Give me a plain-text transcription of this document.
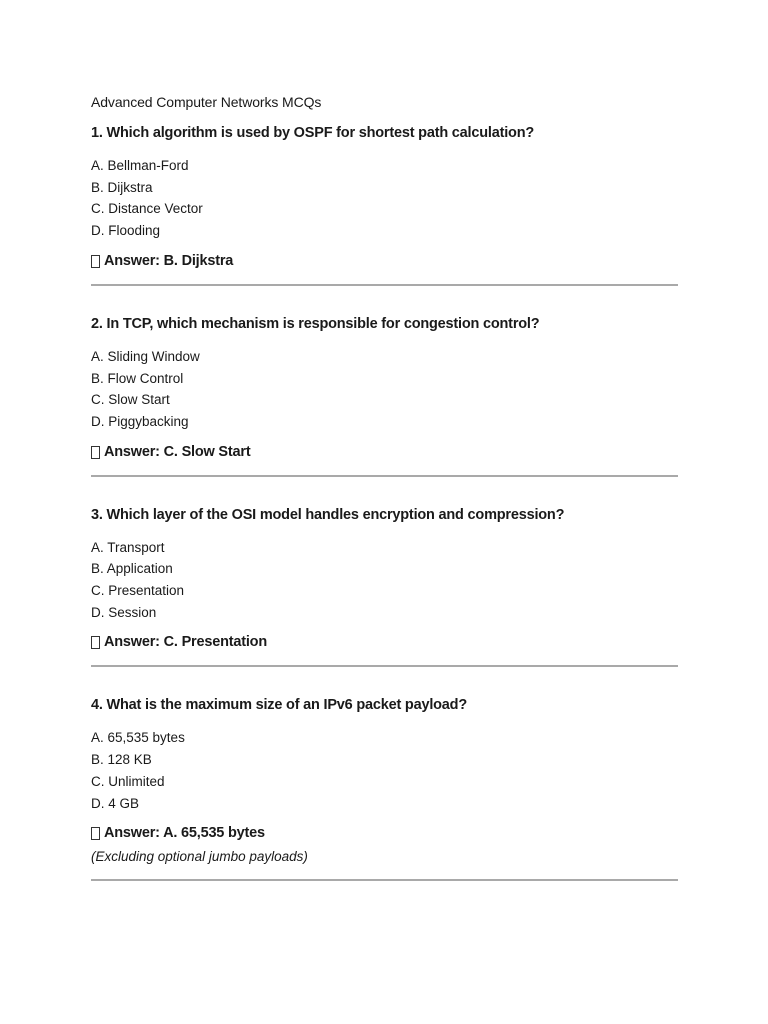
Advanced Computer Networks MCQs
1. Which algorithm is used by OSPF for shortest path calculation?
A. Bellman-Ford
B. Dijkstra
C. Distance Vector
D. Flooding
Answer: B. Dijkstra
2. In TCP, which mechanism is responsible for congestion control?
A. Sliding Window
B. Flow Control
C. Slow Start
D. Piggybacking
Answer: C. Slow Start
3. Which layer of the OSI model handles encryption and compression?
A. Transport
B. Application
C. Presentation
D. Session
Answer: C. Presentation
4. What is the maximum size of an IPv6 packet payload?
A. 65,535 bytes
B. 128 KB
C. Unlimited
D. 4 GB
Answer: A. 65,535 bytes
(Excluding optional jumbo payloads)
